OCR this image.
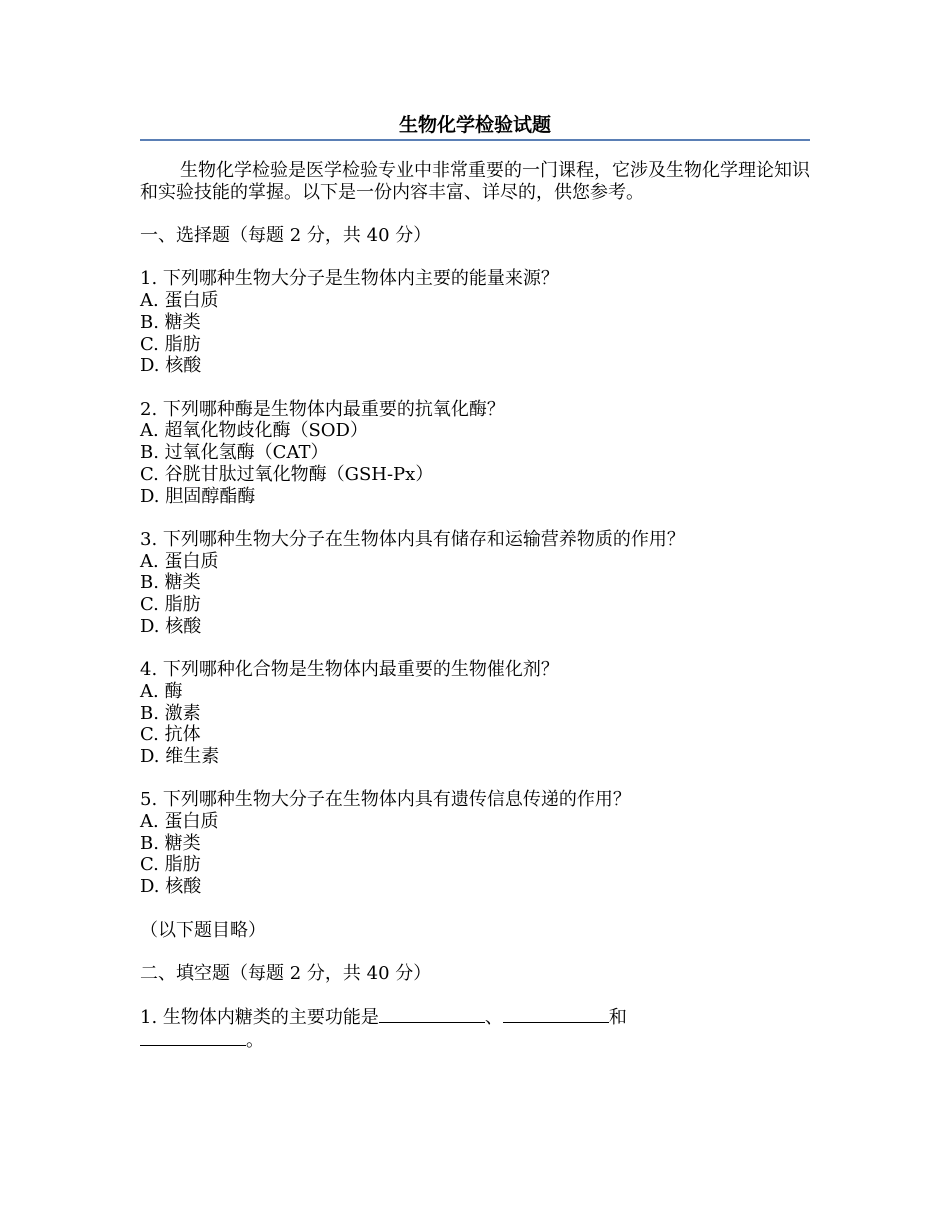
生物化学检验试题

生物化学检验是医学检验专业中非常重要的一门课程，它涉及生物化学理论知识和实验技能的掌握。以下是一份内容丰富、详尽的，供您参考。

一、选择题（每题 2 分，共 40 分）

1. 下列哪种生物大分子是生物体内主要的能量来源？

A. 蛋白质

B. 糖类

C. 脂肪

D. 核酸

2. 下列哪种酶是生物体内最重要的抗氧化酶？

A. 超氧化物歧化酶（SOD）

B. 过氧化氢酶（CAT）

C. 谷胱甘肽过氧化物酶（GSH-Px）

D. 胆固醇酯酶

3. 下列哪种生物大分子在生物体内具有储存和运输营养物质的作用？

A. 蛋白质

B. 糖类

C. 脂肪

D. 核酸

4. 下列哪种化合物是生物体内最重要的生物催化剂？

A. 酶

B. 激素

C. 抗体

D. 维生素

5. 下列哪种生物大分子在生物体内具有遗传信息传递的作用？

A. 蛋白质

B. 糖类

C. 脂肪

D. 核酸

（以下题目略）

二、填空题（每题 2 分，共 40 分）

1. 生物体内糖类的主要功能是	、	和

。
